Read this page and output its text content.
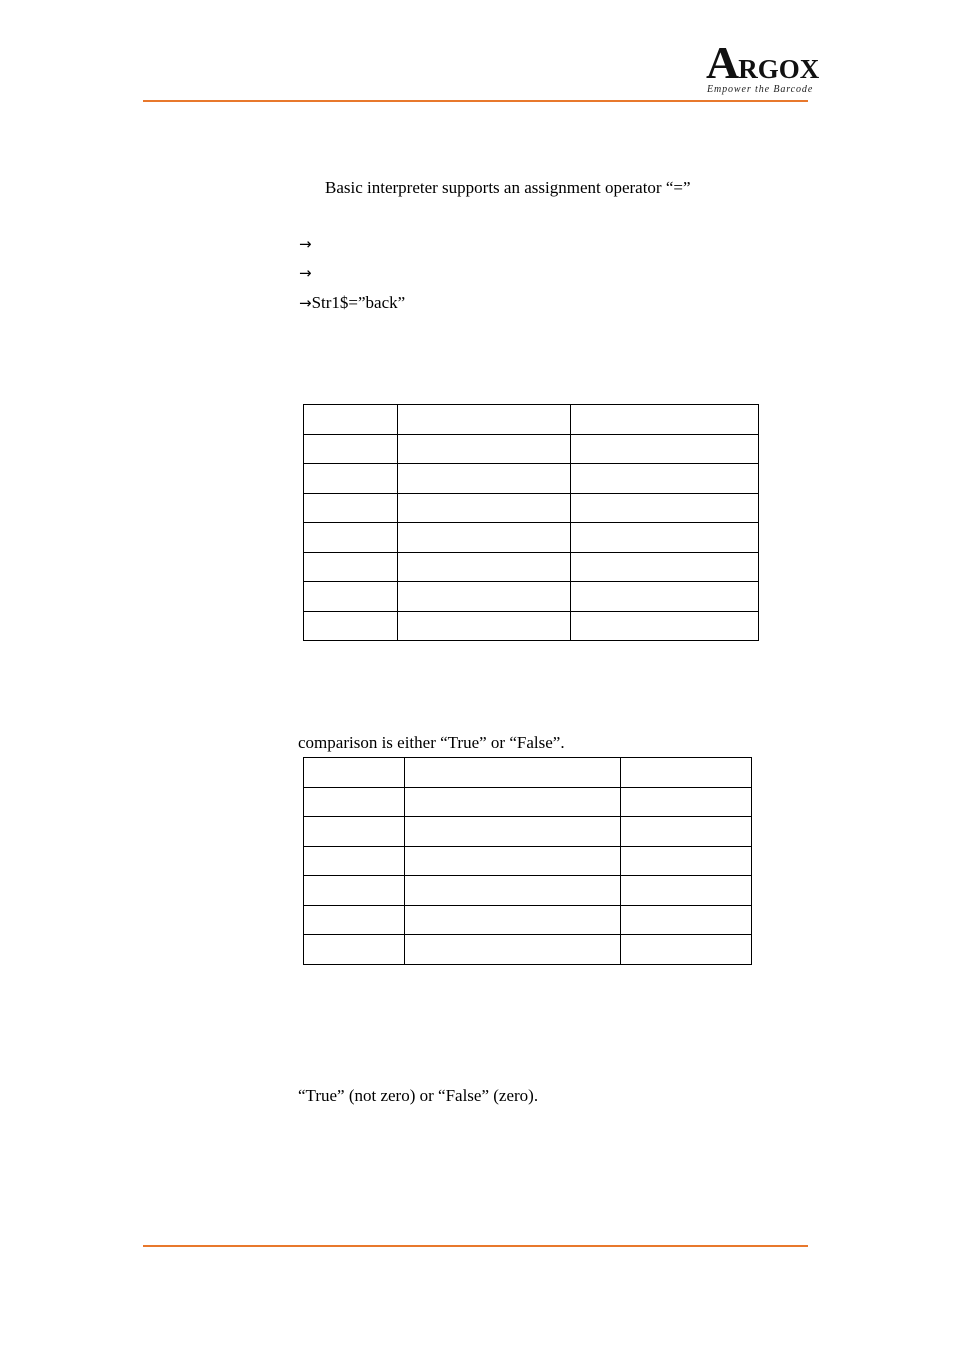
ARGOX
Empower the Barcode
Basic interpreter supports an assignment operator “=”
→
→
→Str1$=”back”

comparison is either “True” or “False”.

“True” (not zero) or “False” (zero).
